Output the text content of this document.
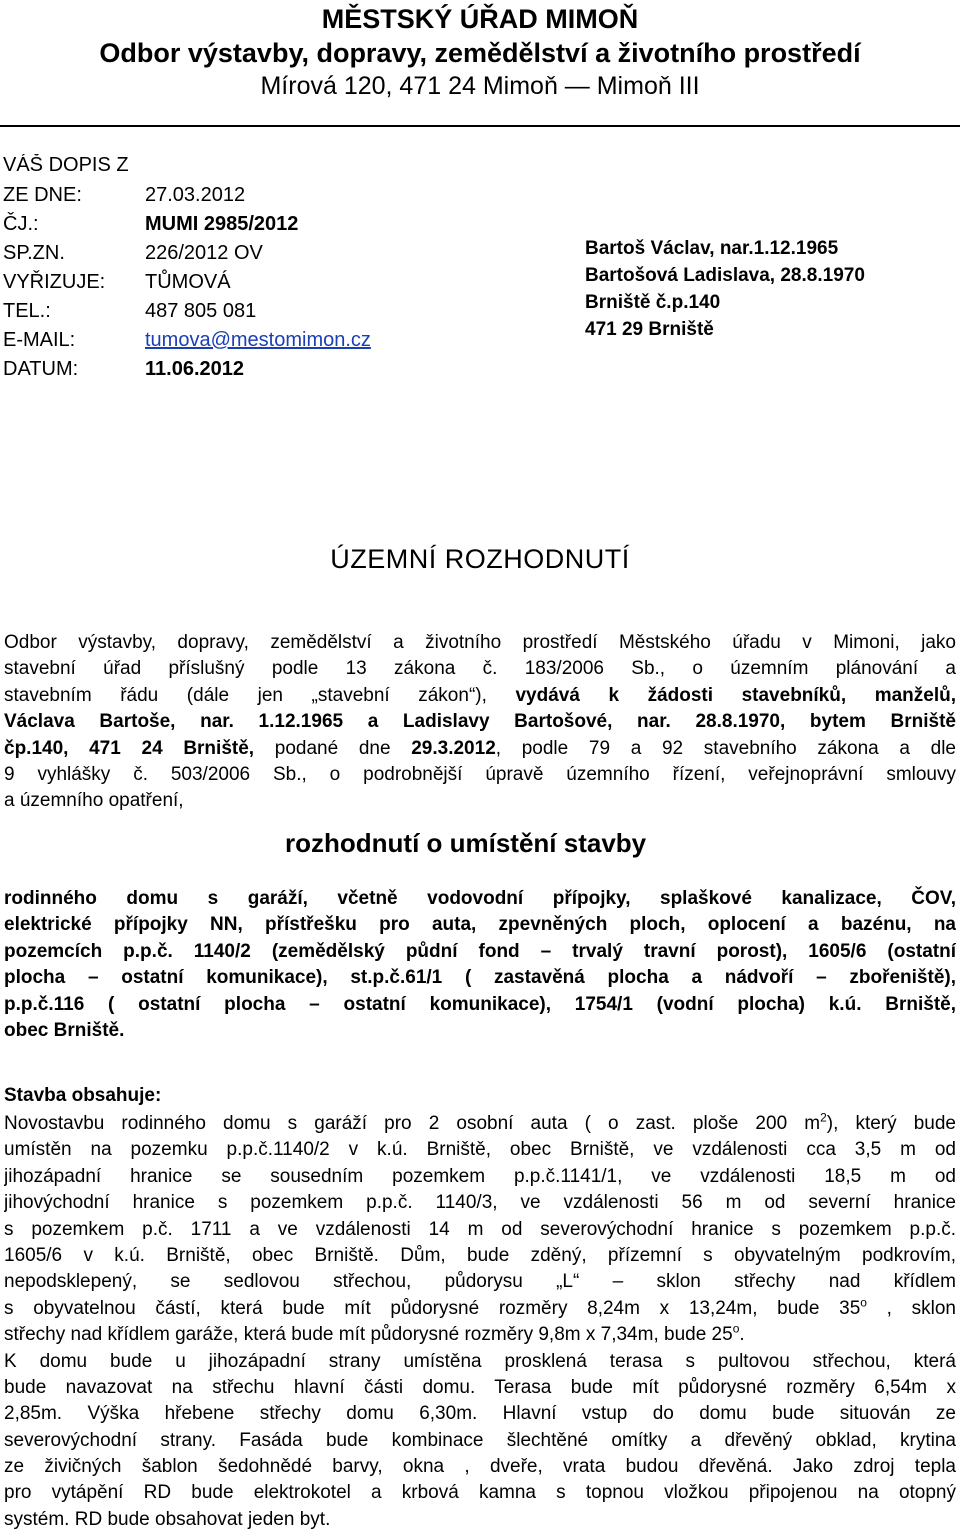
MĚSTSKÝ ÚŘAD MIMOŇ
Odbor výstavby, dopravy, zemědělství a životního prostředí
Mírová 120, 471 24 Mimoň — Mimoň III
VÁŠ DOPIS Z
ZE DNE:	27.03.2012
ČJ.:	MUMI 2985/2012
SP.ZN.	226/2012 OV
VYŘIZUJE: TŮMOVÁ
TEL.:	487 805 081
E-MAIL:	tumova@mestomimon.cz
DATUM:	11.06.2012
Bartoš Václav, nar.1.12.1965
Bartošová Ladislava, 28.8.1970
Brniště č.p.140
471 29 Brniště
ÚZEMNÍ ROZHODNUTÍ
Odbor výstavby, dopravy, zemědělství a životního prostředí Městského úřadu v Mimoni, jako
stavební úřad příslušný podle 13 zákona č. 183/2006 Sb., o územním plánování a
stavebním řádu (dále jen „stavební zákon“), vydává k žádosti stavebníků, manželů,
Václava Bartoše, nar. 1.12.1965 a Ladislavy Bartošové, nar. 28.8.1970, bytem Brniště
čp.140, 471 24 Brniště, podané dne 29.3.2012, podle 79 a 92 stavebního zákona a dle
9 vyhlášky č. 503/2006 Sb., o podrobnější úpravě územního řízení, veřejnoprávní smlouvy
a územního opatření,
rozhodnutí o umístění stavby
rodinného domu s garáží, včetně vodovodní přípojky, splaškové kanalizace, ČOV,
elektrické přípojky NN, přístřešku pro auta, zpevněných ploch, oplocení a bazénu, na
pozemcích p.p.č. 1140/2 (zemědělský půdní fond – trvalý travní porost), 1605/6 (ostatní
plocha – ostatní komunikace), st.p.č.61/1 ( zastavěná plocha a nádvoří – zbořeniště),
p.p.č.116 ( ostatní plocha – ostatní komunikace), 1754/1 (vodní plocha) k.ú. Brniště,
obec Brniště.
Stavba obsahuje:
Novostavbu rodinného domu s garáží pro 2 osobní auta ( o zast. ploše 200 $m^2$), který bude
umístěn na pozemku p.p.č.1140/2 v k.ú. Brniště, obec Brniště, ve vzdálenosti cca 3,5 m od
jihozápadní hranice se sousedním pozemkem p.p.č.1141/1, ve vzdálenosti 18,5 m od
jihovýchodní hranice s pozemkem p.p.č. 1140/3, ve vzdálenosti 56 m od severní hranice
s pozemkem p.č. 1711 a ve vzdálenosti 14 m od severovýchodní hranice s pozemkem p.p.č.
1605/6 v k.ú. Brniště, obec Brniště. Dům, bude zděný, přízemní s obyvatelným podkrovím,
nepodsklepený, se sedlovou střechou, půdorysu „L“ – sklon střechy nad křídlem
s obyvatelnou částí, která bude mít půdorysné rozměry 8,24m x 13,24m, bude 35$^o$ , sklon
střechy nad křídlem garáže, která bude mít půdorysné rozměry 9,8m x 7,34m, bude 25$^o$.
K domu bude u jihozápadní strany umístěna prosklená terasa s pultovou střechou, která
bude navazovat na střechu hlavní části domu. Terasa bude mít půdorysné rozměry 6,54m x
2,85m. Výška hřebene střechy domu 6,30m. Hlavní vstup do domu bude situován ze
severovýchodní strany. Fasáda bude kombinace šlechtěné omítky a dřevěný obklad, krytina
ze živičných šablon šedohnědé barvy, okna , dveře, vrata budou dřevěná. Jako zdroj tepla
pro vytápění RD bude elektrokotel a krbová kamna s topnou vložkou připojenou na otopný
systém. RD bude obsahovat jeden byt.
